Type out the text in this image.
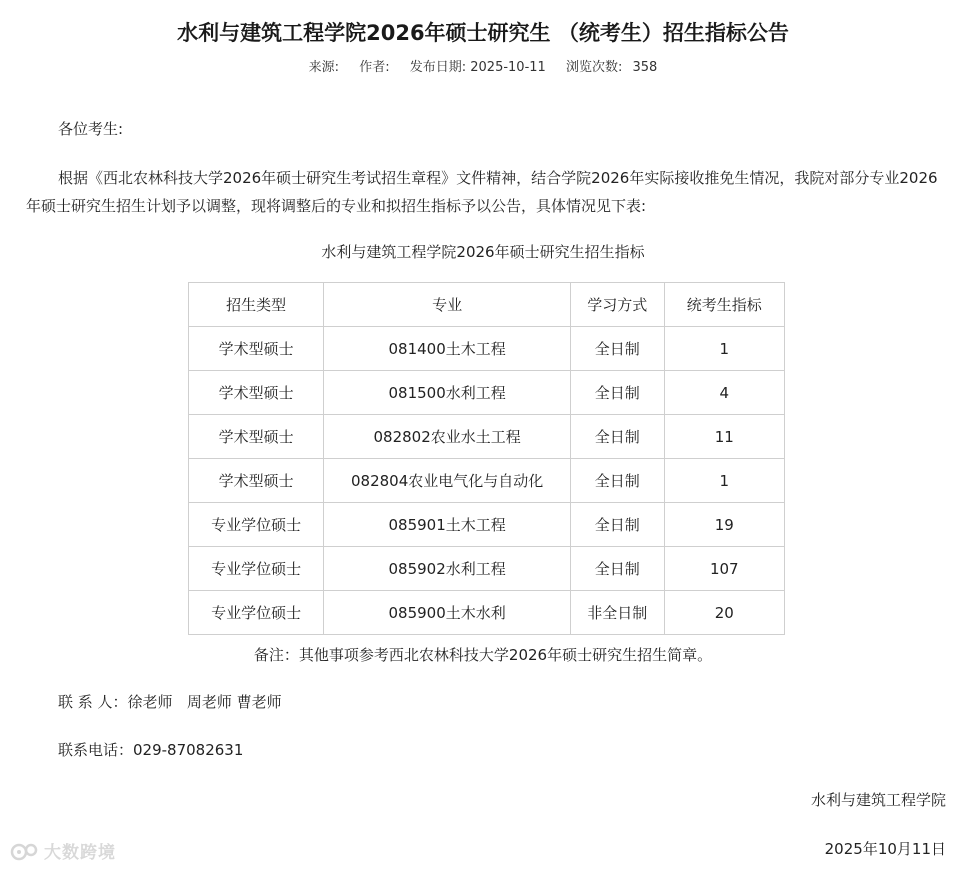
水利与建筑工程学院2026年硕士研究生 （统考生）招生指标公告
来源: 作者: 发布日期: 2025-10-11 浏览次数: 358
各位考生:
根据《西北农林科技大学2026年硕士研究生考试招生章程》文件精神，结合学院2026年实际接收推免生情况，我院对部分专业2026年硕士研究生招生计划予以调整，现将调整后的专业和拟招生指标予以公告，具体情况见下表:
水利与建筑工程学院2026年硕士研究生招生指标
招生类型	专业	学习方式	统考生指标
学术型硕士	081400土木工程	全日制	1
学术型硕士	081500水利工程	全日制	4
学术型硕士	082802农业水土工程	全日制	11
学术型硕士	082804农业电气化与自动化	全日制	1
专业学位硕士	085901土木工程	全日制	19
专业学位硕士	085902水利工程	全日制	107
专业学位硕士	085900土木水利	非全日制	20
备注：其他事项参考西北农林科技大学2026年硕士研究生招生简章。
联 系 人：徐老师   周老师 曹老师
联系电话：029-87082631
水利与建筑工程学院
2025年10月11日
大数跨境
